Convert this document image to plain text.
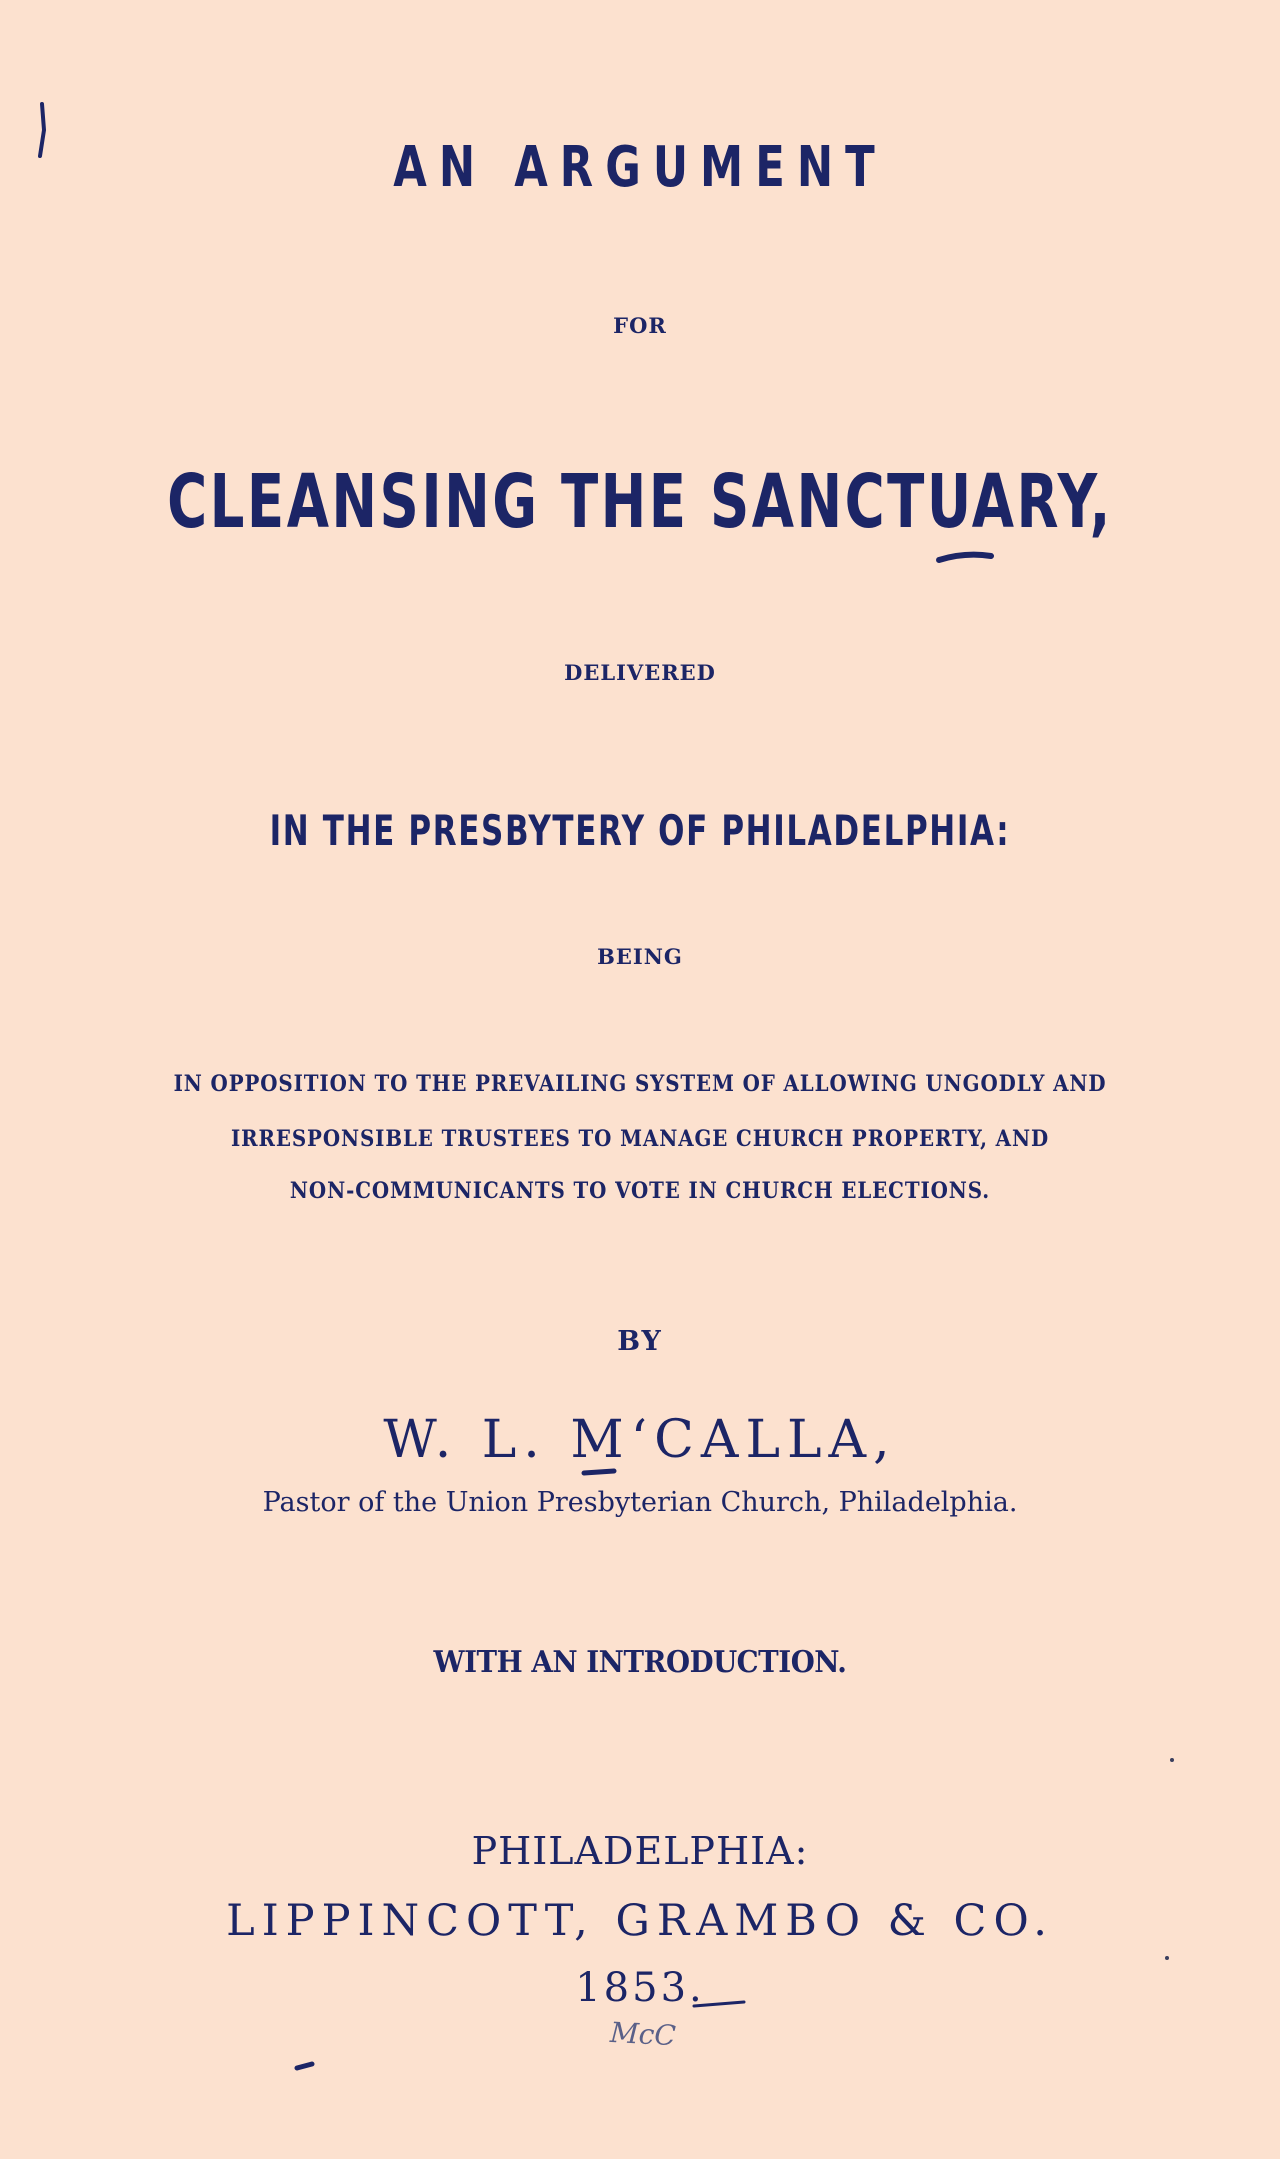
AN ARGUMENT
FOR
CLEANSING THE SANCTUARY,
DELIVERED
IN THE PRESBYTERY OF PHILADELPHIA:
BEING
IN OPPOSITION TO THE PREVAILING SYSTEM OF ALLOWING UNGODLY AND
IRRESPONSIBLE TRUSTEES TO MANAGE CHURCH PROPERTY, AND
NON-COMMUNICANTS TO VOTE IN CHURCH ELECTIONS.
BY
W. L. M‘CALLA,
Pastor of the Union Presbyterian Church, Philadelphia.
WITH AN INTRODUCTION.
PHILADELPHIA:
LIPPINCOTT, GRAMBO & CO.
1853.
McC
